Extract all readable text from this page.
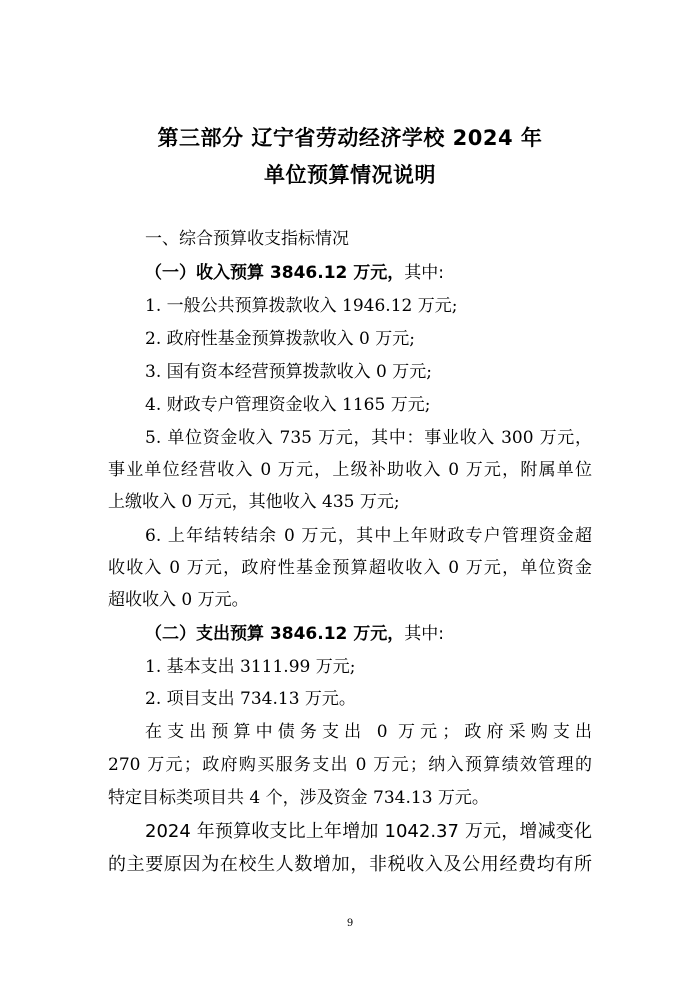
第三部分 辽宁省劳动经济学校 2024 年
单位预算情况说明
一、综合预算收支指标情况
（一）收入预算 3846.12 万元，其中:
1. 一般公共预算拨款收入 1946.12 万元;
2. 政府性基金预算拨款收入 0 万元;
3. 国有资本经营预算拨款收入 0 万元;
4. 财政专户管理资金收入 1165 万元;
5. 单位资金收入 735 万元，其中：事业收入 300 万元，
事业单位经营收入 0 万元，上级补助收入 0 万元，附属单位
上缴收入 0 万元，其他收入 435 万元;
6. 上年结转结余 0 万元，其中上年财政专户管理资金超
收收入 0 万元，政府性基金预算超收收入 0 万元，单位资金
超收收入 0 万元。
（二）支出预算 3846.12 万元，其中:
1. 基本支出 3111.99 万元;
2. 项目支出 734.13 万元。
在支出预算中债务支出 0 万元；政府采购支出
270 万元；政府购买服务支出 0 万元；纳入预算绩效管理的
特定目标类项目共 4 个，涉及资金 734.13 万元。
2024 年预算收支比上年增加 1042.37 万元，增减变化
的主要原因为在校生人数增加，非税收入及公用经费均有所
9
